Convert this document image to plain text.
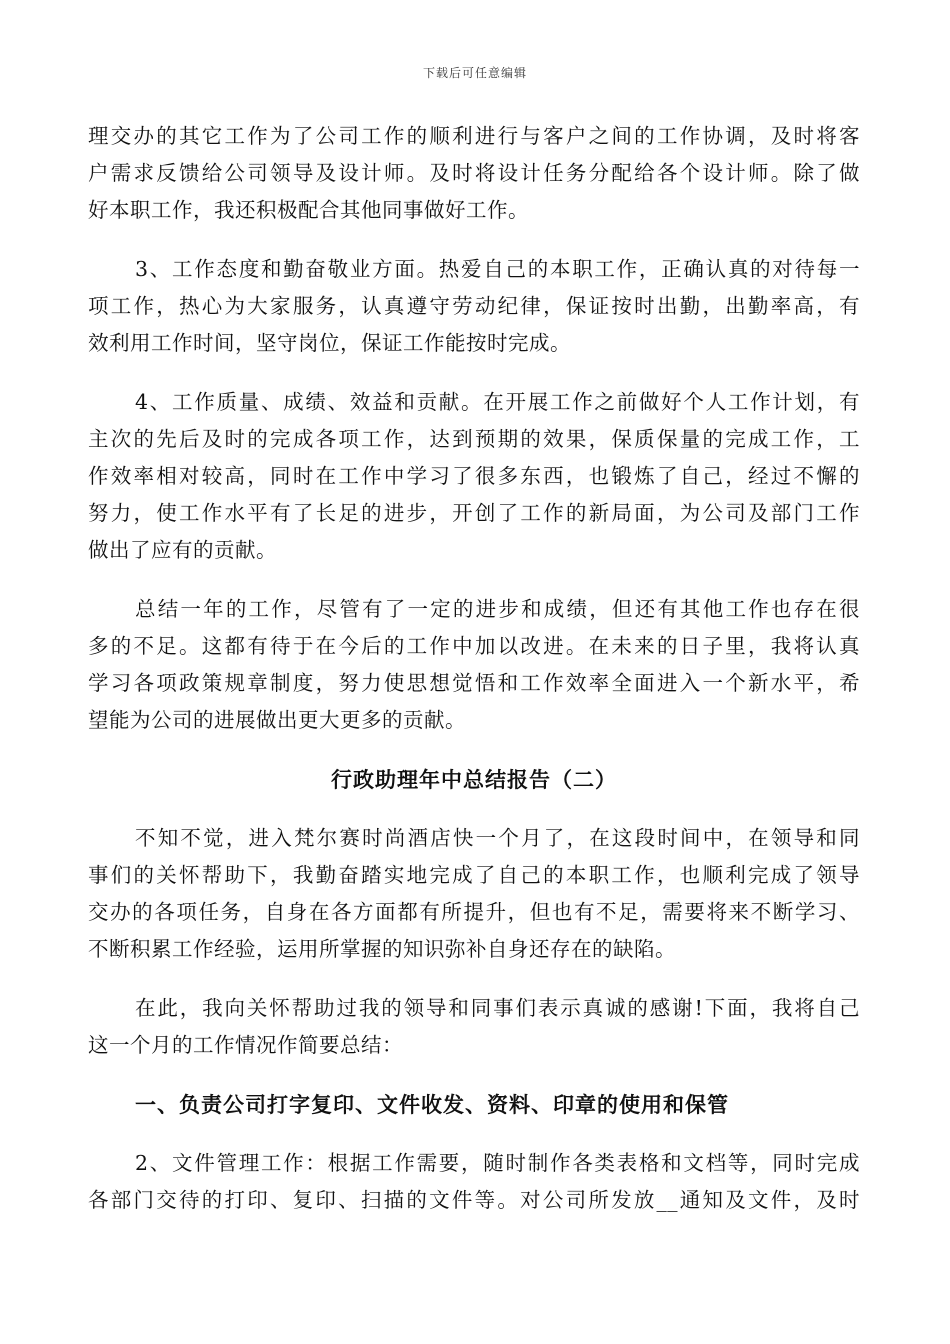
下载后可任意编辑
理交办的其它工作为了公司工作的顺利进行与客户之间的工作协调，及时将客
户需求反馈给公司领导及设计师。及时将设计任务分配给各个设计师。除了做
好本职工作，我还积极配合其他同事做好工作。
3、工作态度和勤奋敬业方面。热爱自己的本职工作，正确认真的对待每一
项工作，热心为大家服务，认真遵守劳动纪律，保证按时出勤，出勤率高，有
效利用工作时间，坚守岗位，保证工作能按时完成。
4、工作质量、成绩、效益和贡献。在开展工作之前做好个人工作计划，有
主次的先后及时的完成各项工作，达到预期的效果，保质保量的完成工作，工
作效率相对较高，同时在工作中学习了很多东西，也锻炼了自己，经过不懈的
努力，使工作水平有了长足的进步，开创了工作的新局面，为公司及部门工作
做出了应有的贡献。
总结一年的工作，尽管有了一定的进步和成绩，但还有其他工作也存在很
多的不足。这都有待于在今后的工作中加以改进。在未来的日子里，我将认真
学习各项政策规章制度，努力使思想觉悟和工作效率全面进入一个新水平，希
望能为公司的进展做出更大更多的贡献。
行政助理年中总结报告（二）
不知不觉，进入梵尔赛时尚酒店快一个月了，在这段时间中，在领导和同
事们的关怀帮助下，我勤奋踏实地完成了自己的本职工作，也顺利完成了领导
交办的各项任务，自身在各方面都有所提升，但也有不足，需要将来不断学习、
不断积累工作经验，运用所掌握的知识弥补自身还存在的缺陷。
在此，我向关怀帮助过我的领导和同事们表示真诚的感谢!下面，我将自己
这一个月的工作情况作简要总结：
一、负责公司打字复印、文件收发、资料、印章的使用和保管
2、文件管理工作：根据工作需要，随时制作各类表格和文档等，同时完成
各部门交待的打印、复印、扫描的文件等。对公司所发放__通知及文件，及时
